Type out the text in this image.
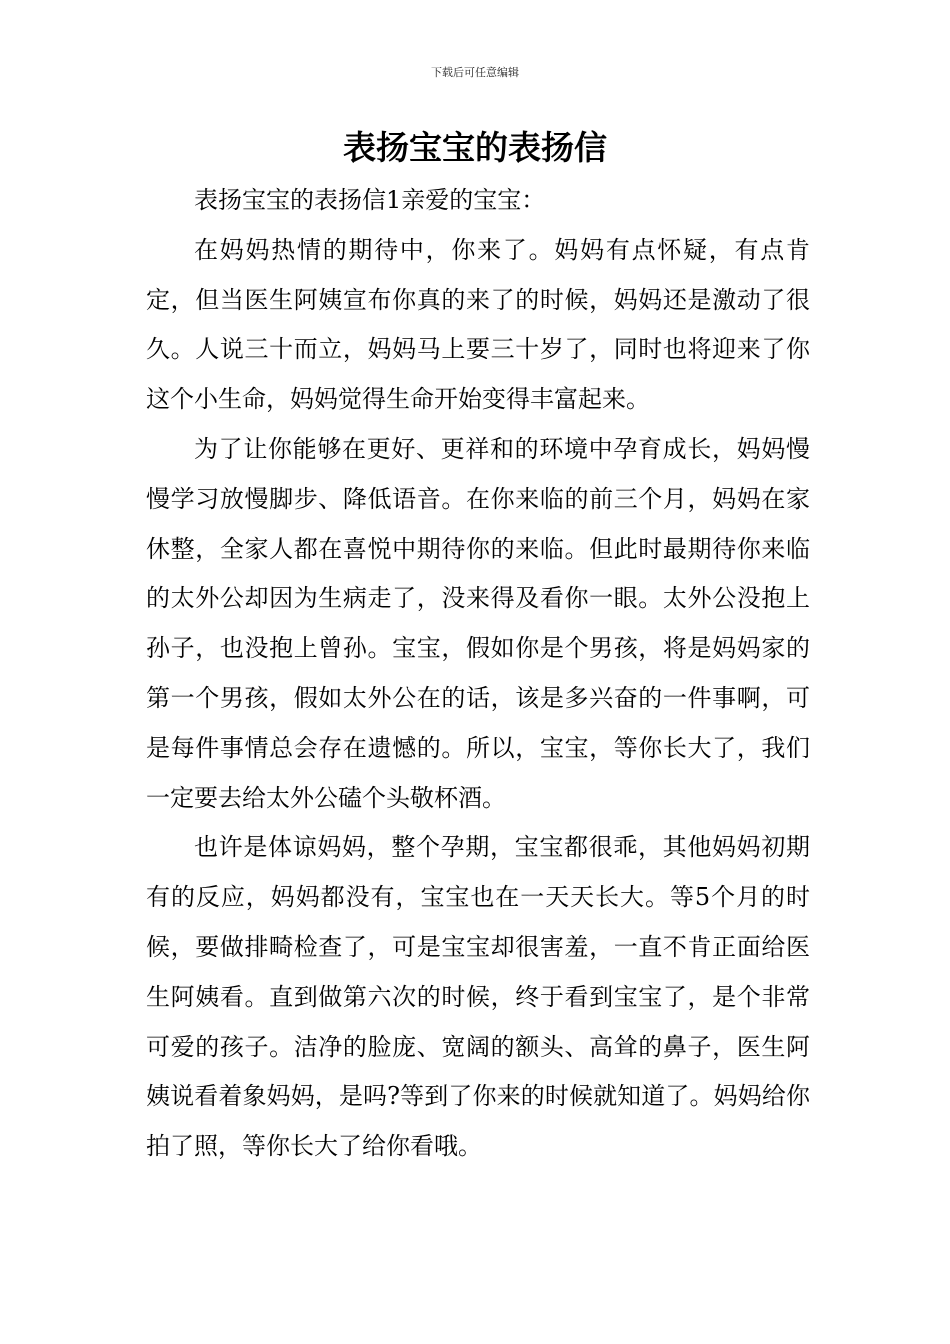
下载后可任意编辑
表扬宝宝的表扬信

表扬宝宝的表扬信1亲爱的宝宝：

在妈妈热情的期待中，你来了。妈妈有点怀疑，有点肯定，但当医生阿姨宣布你真的来了的时候，妈妈还是激动了很久。人说三十而立，妈妈马上要三十岁了，同时也将迎来了你这个小生命，妈妈觉得生命开始变得丰富起来。

为了让你能够在更好、更祥和的环境中孕育成长，妈妈慢慢学习放慢脚步、降低语音。在你来临的前三个月，妈妈在家休整，全家人都在喜悦中期待你的来临。但此时最期待你来临的太外公却因为生病走了，没来得及看你一眼。太外公没抱上孙子，也没抱上曾孙。宝宝，假如你是个男孩，将是妈妈家的第一个男孩，假如太外公在的话，该是多兴奋的一件事啊，可是每件事情总会存在遗憾的。所以，宝宝，等你长大了，我们一定要去给太外公磕个头敬杯酒。

也许是体谅妈妈，整个孕期，宝宝都很乖，其他妈妈初期有的反应，妈妈都没有，宝宝也在一天天长大。等5个月的时候，要做排畸检查了，可是宝宝却很害羞，一直不肯正面给医生阿姨看。直到做第六次的时候，终于看到宝宝了，是个非常可爱的孩子。洁净的脸庞、宽阔的额头、高耸的鼻子，医生阿姨说看着象妈妈，是吗?等到了你来的时候就知道了。妈妈给你拍了照，等你长大了给你看哦。
